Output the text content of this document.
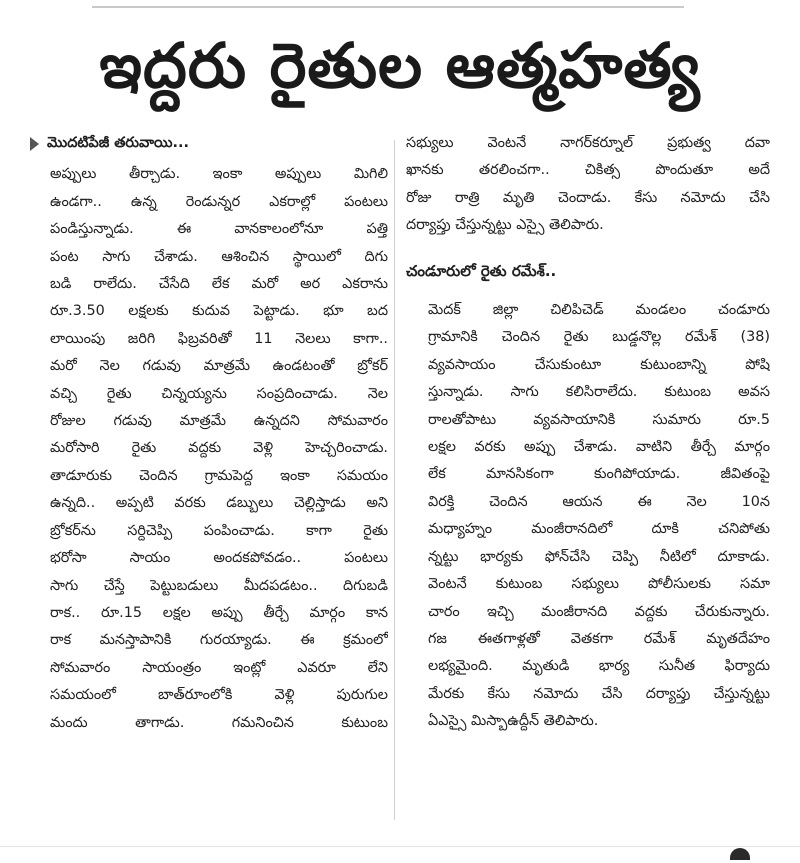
ఇద్దరు రైతుల ఆత్మహత్య
మొదటిపేజీ తరువాయి...
అప్పులు తీర్చాడు. ఇంకా అప్పులు మిగిలి
ఉండగా.. ఉన్న రెండున్నర ఎకరాల్లో పంటలు
పండిస్తున్నాడు. ఈ వానకాలంలోనూ పత్తి
పంట సాగు చేశాడు. ఆశించిన స్థాయిలో దిగు
బడి రాలేదు. చేసేది లేక మరో అర ఎకరాను
రూ.3.50 లక్షలకు కుదువ పెట్టాడు. భూ బద
లాయింపు జరిగి ఫిబ్రవరితో 11 నెలలు కాగా..
మరో నెల గడువు మాత్రమే ఉండటంతో బ్రోకర్
వచ్చి రైతు చిన్నయ్యను సంప్రదించాడు. నెల
రోజుల గడువు మాత్రమే ఉన్నదని సోమవారం
మరోసారి రైతు వద్దకు వెళ్లి హెచ్చరించాడు.
తాడూరుకు చెందిన గ్రామపెద్ద ఇంకా సమయం
ఉన్నది.. అప్పటి వరకు డబ్బులు చెల్లిస్తాడు అని
బ్రోకర్‌ను సర్దిచెప్పి పంపించాడు. కాగా రైతు
భరోసా సాయం అందకపోవడం.. పంటలు
సాగు చేస్తే పెట్టుబడులు మీదపడటం.. దిగుబడి
రాక.. రూ.15 లక్షల అప్పు తీర్చే మార్గం కాన
రాక మనస్తాపానికి గురయ్యాడు. ఈ క్రమంలో
సోమవారం సాయంత్రం ఇంట్లో ఎవరూ లేని
సమయంలో బాత్‌రూంలోకి వెళ్లి పురుగుల
మందు తాగాడు. గమనించిన కుటుంబ
సభ్యులు వెంటనే నాగర్‌కర్నూల్ ప్రభుత్వ దవా
ఖానకు తరలించగా.. చికిత్స పొందుతూ అదే
రోజు రాత్రి మృతి చెందాడు. కేసు నమోదు చేసి
దర్యాప్తు చేస్తున్నట్టు ఎస్సై తెలిపారు.
చండూరులో రైతు రమేశ్‌..
మెదక్ జిల్లా చిలిపిచెడ్ మండలం చండూరు
గ్రామానికి చెందిన రైతు బుడ్డనొల్ల రమేశ్ (38)
వ్యవసాయం చేసుకుంటూ కుటుంబాన్ని పోషి
స్తున్నాడు. సాగు కలిసిరాలేదు. కుటుంబ అవస
రాలతోపాటు వ్యవసాయానికి సుమారు రూ.5
లక్షల వరకు అప్పు చేశాడు. వాటిని తీర్చే మార్గం
లేక మానసికంగా కుంగిపోయాడు. జీవితంపై
విరక్తి చెందిన ఆయన ఈ నెల 10న
మధ్యాహ్నం మంజీరానదిలో దూకి చనిపోతు
న్నట్టు భార్యకు ఫోన్‌చేసి చెప్పి నీటిలో దూకాడు.
వెంటనే కుటుంబ సభ్యులు పోలీసులకు సమా
చారం ఇచ్చి మంజీరానది వద్దకు చేరుకున్నారు.
గజ ఈతగాళ్లతో వెతకగా రమేశ్ మృతదేహం
లభ్యమైంది. మృతుడి భార్య సునీత ఫిర్యాదు
మేరకు కేసు నమోదు చేసి దర్యాప్తు చేస్తున్నట్టు
ఏఎస్సై మిస్బాఉద్దీన్ తెలిపారు.
